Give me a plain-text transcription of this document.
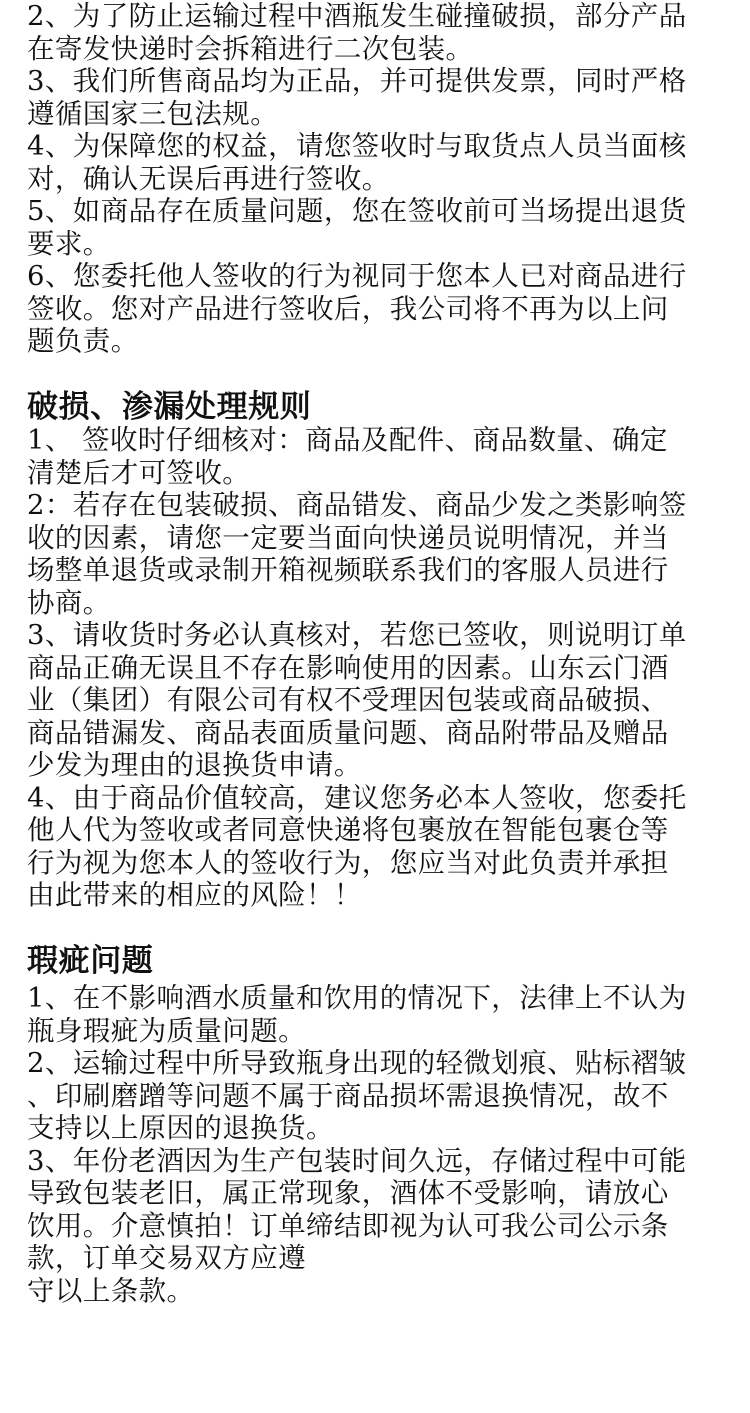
2、为了防止运输过程中酒瓶发生碰撞破损，部分产品
在寄发快递时会拆箱进行二次包装。
3、我们所售商品均为正品，并可提供发票，同时严格
遵循国家三包法规。
4、为保障您的权益，请您签收时与取货点人员当面核
对，确认无误后再进行签收。
5、如商品存在质量问题，您在签收前可当场提出退货
要求。
6、您委托他人签收的行为视同于您本人已对商品进行
签收。您对产品进行签收后，我公司将不再为以上问
题负责。
破损、渗漏处理规则
1、 签收时仔细核对：商品及配件、商品数量、确定
清楚后才可签收。
2：若存在包装破损、商品错发、商品少发之类影响签
收的因素，请您一定要当面向快递员说明情况，并当
场整单退货或录制开箱视频联系我们的客服人员进行
协商。
3、请收货时务必认真核对，若您已签收，则说明订单
商品正确无误且不存在影响使用的因素。山东云门酒
业（集团）有限公司有权不受理因包装或商品破损、
商品错漏发、商品表面质量问题、商品附带品及赠品
少发为理由的退换货申请。
4、由于商品价值较高，建议您务必本人签收，您委托
他人代为签收或者同意快递将包裹放在智能包裹仓等
行为视为您本人的签收行为，您应当对此负责并承担
由此带来的相应的风险！！
瑕疵问题
1、在不影响酒水质量和饮用的情况下，法律上不认为
瓶身瑕疵为质量问题。
2、运输过程中所导致瓶身出现的轻微划痕、贴标褶皱
、印刷磨蹭等问题不属于商品损坏需退换情况，故不
支持以上原因的退换货。
3、年份老酒因为生产包装时间久远，存储过程中可能
导致包装老旧，属正常现象，酒体不受影响，请放心
饮用。介意慎拍！订单缔结即视为认可我公司公示条
款，订单交易双方应遵
守以上条款。
